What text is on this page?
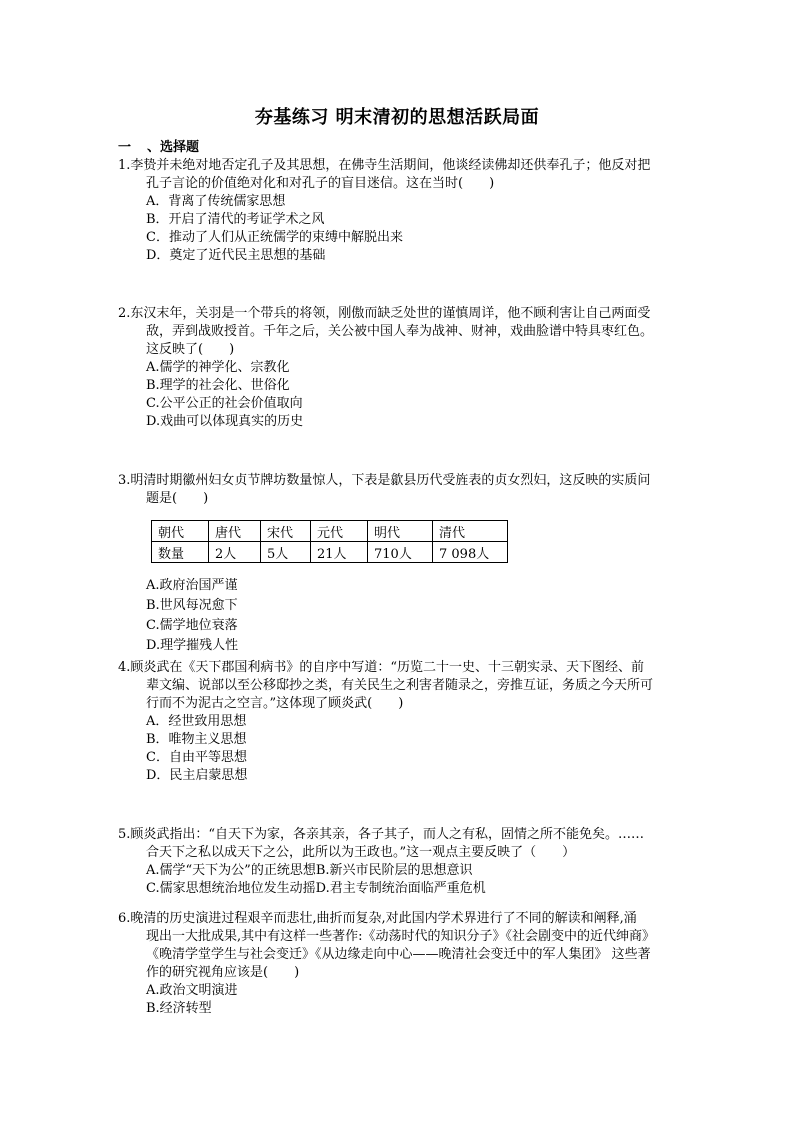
夯基练习 明末清初的思想活跃局面
一 、选择题
1.李贽并未绝对地否定孔子及其思想，在佛寺生活期间，他谈经读佛却还供奉孔子；他反对把
孔子言论的价值绝对化和对孔子的盲目迷信。这在当时(　　)
A．背离了传统儒家思想
B．开启了清代的考证学术之风
C．推动了人们从正统儒学的束缚中解脱出来
D．奠定了近代民主思想的基础
2.东汉末年，关羽是一个带兵的将领，刚傲而缺乏处世的谨慎周详，他不顾利害让自己两面受
敌，弄到战败授首。千年之后，关公被中国人奉为战神、财神，戏曲脸谱中特具枣红色。
这反映了(　　)
A.儒学的神学化、宗教化
B.理学的社会化、世俗化
C.公平公正的社会价值取向
D.戏曲可以体现真实的历史
3.明清时期徽州妇女贞节牌坊数量惊人，下表是歙县历代受旌表的贞女烈妇，这反映的实质问
题是(　　)
朝代	唐代	宋代	元代	明代	清代
数量	2人	5人	21人	710人	7 098人
A.政府治国严谨
B.世风每况愈下
C.儒学地位衰落
D.理学摧残人性
4.顾炎武在《天下郡国利病书》的自序中写道：“历览二十一史、十三朝实录、天下图经、前
辈文编、说部以至公移邸抄之类，有关民生之利害者随录之，旁推互证，务质之今天所可
行而不为泥古之空言。”这体现了顾炎武(　　)
A．经世致用思想
B．唯物主义思想
C．自由平等思想
D．民主启蒙思想
5.顾炎武指出：“自天下为家，各亲其亲，各子其子，而人之有私，固情之所不能免矣。……
合天下之私以成天下之公，此所以为王政也。”这一观点主要反映了（　　）
A.儒学“天下为公”的正统思想B.新兴市民阶层的思想意识
C.儒家思想统治地位发生动摇D.君主专制统治面临严重危机
6.晚清的历史演进过程艰辛而悲壮,曲折而复杂,对此国内学术界进行了不同的解读和阐释,涌
现出一大批成果,其中有这样一些著作:《动荡时代的知识分子》《社会剧变中的近代绅商》
《晚清学堂学生与社会变迁》《从边缘走向中心——晚清社会变迁中的军人集团》 这些著
作的研究视角应该是(　　)
A.政治文明演进
B.经济转型
